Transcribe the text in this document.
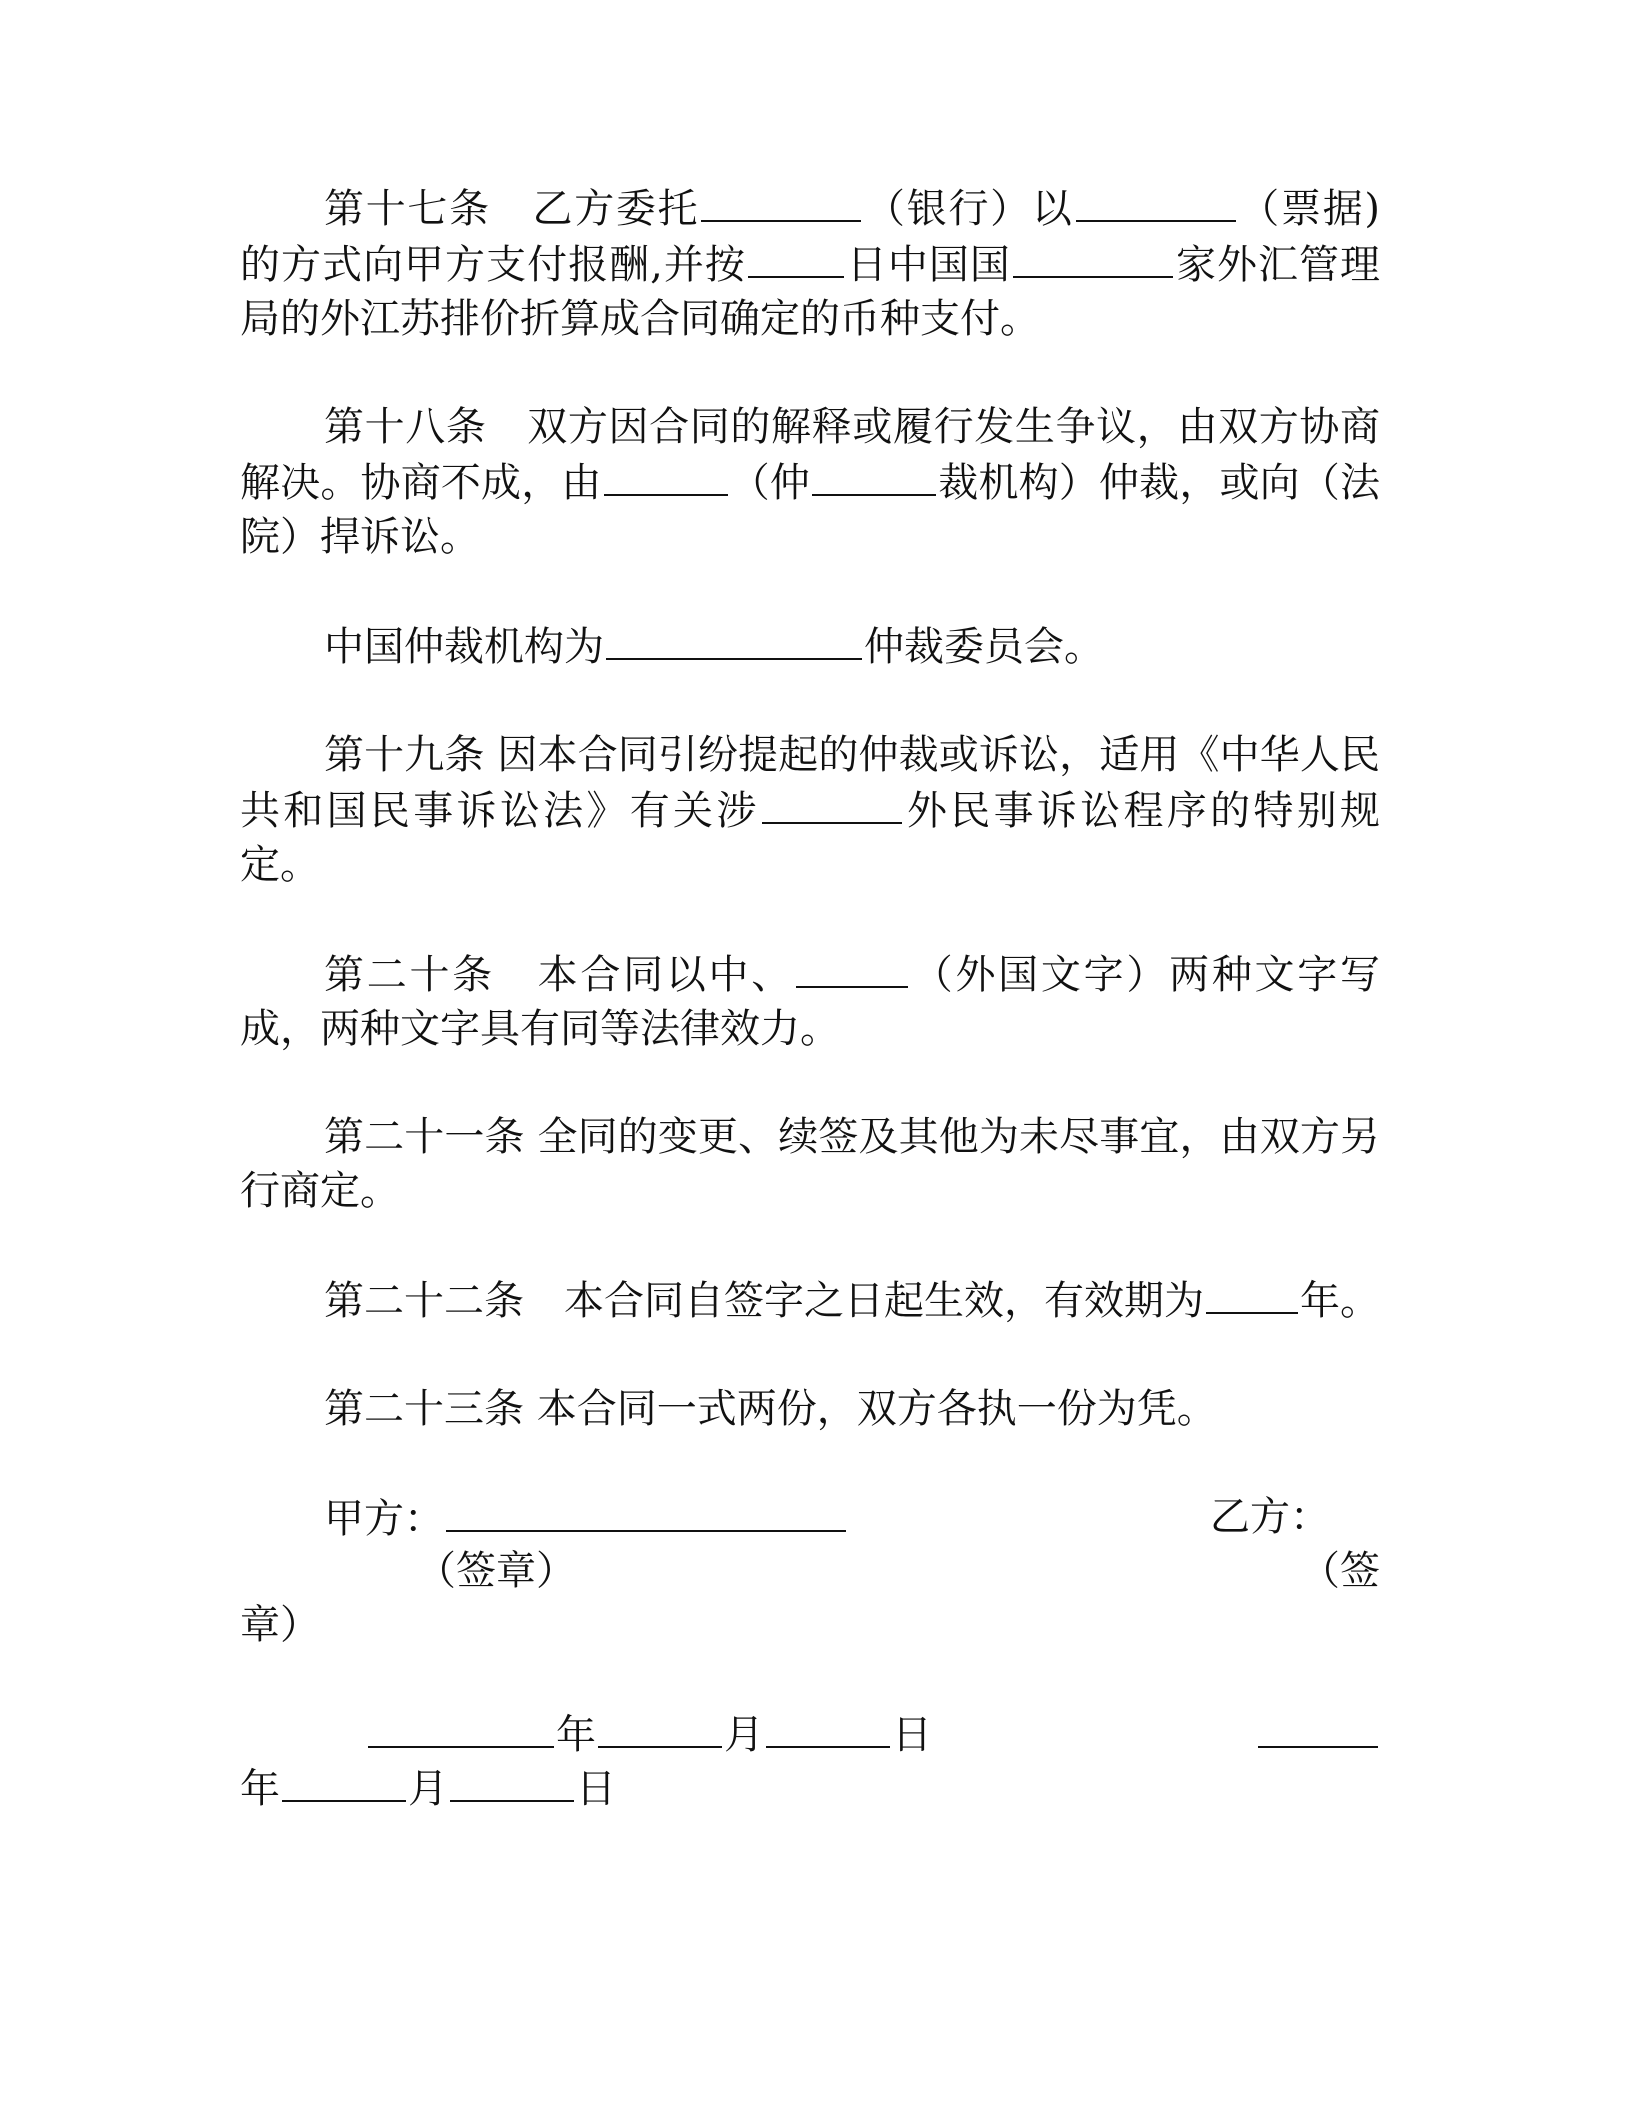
第十七条　乙方委托	（银行）以	（票据)的方式向甲方支付报酬,并按	日中国国	家外汇管理局的外江苏排价折算成合同确定的币种支付。

第十八条　双方因合同的解释或履行发生争议，由双方协商解决。协商不成，由	（仲	裁机构）仲裁，或向（法院）捍诉讼。

中国仲裁机构为	仲裁委员会。

第十九条 因本合同引纷提起的仲裁或诉讼，适用《中华人民共和国民事诉讼法》有关涉	外民事诉讼程序的特别规定。

第二十条　本合同以中、	（外国文字）两种文字写成，两种文字具有同等法律效力。

第二十一条 全同的变更、续签及其他为未尽事宜，由双方另行商定。

第二十二条　本合同自签字之日起生效，有效期为 年。

第二十三条 本合同一式两份，双方各执一份为凭。

甲方：	乙方：
（签章）	（签
章）
年	月	日
年	月	日
